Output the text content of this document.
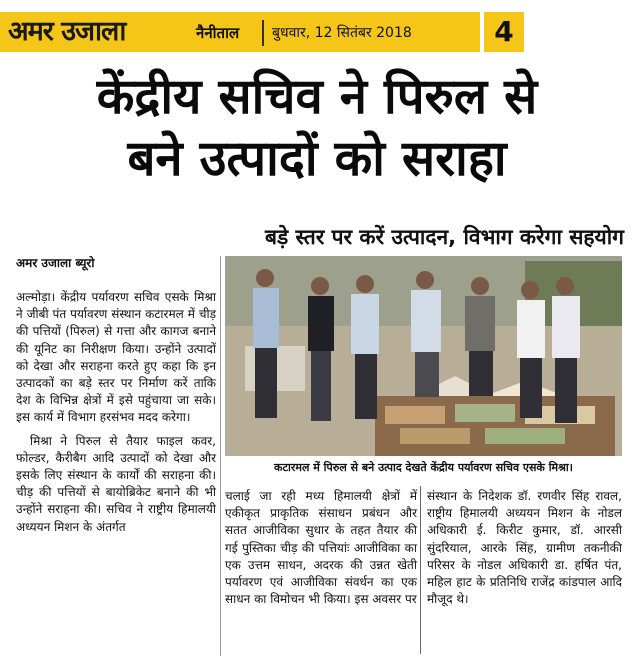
अमर उजाला	नैनीताल बुधवार, 12 सितंबर 2018	4
केंद्रीय सचिव ने पिरुल से
बने उत्पादों को सराहा
बड़े स्तर पर करें उत्पादन, विभाग करेगा सहयोग
अमर उजाला ब्यूरो

अल्मोड़ा। केंद्रीय पर्यावरण सचिव एसके मिश्रा ने जीबी पंत पर्यावरण संस्थान कटारमल में चीड़ की पत्तियों (पिरुल) से गत्ता और कागज बनाने की यूनिट का निरीक्षण किया। उन्होंने उत्पादों को देखा और सराहना करते हुए कहा कि इन उत्पादकों का बड़े स्तर पर निर्माण करें ताकि देश के विभिन्न क्षेत्रों में इसे पहुंचाया जा सके। इस कार्य में विभाग हरसंभव मदद करेगा।

मिश्रा ने पिरुल से तैयार फाइल कवर, फोल्डर, कैरीबैग आदि उत्पादों को देखा और इसके लिए संस्थान के कार्यों की सराहना की। चीड़ की पत्तियों से बायोब्रिकेट बनाने की भी उन्होंने सराहना की। सचिव ने राष्ट्रीय हिमालयी अध्ययन मिशन के अंतर्गत

कटारमल में पिरुल से बने उत्पाद देखते केंद्रीय पर्यावरण सचिव एसके मिश्रा।
चलाई जा रही मध्य हिमालयी क्षेत्रों में एकीकृत प्राकृतिक संसाधन प्रबंधन और सतत आजीविका सुधार के तहत तैयार की गई पुस्तिका चीड़ की पत्तियांः आजीविका का एक उत्तम साधन, अदरक की उन्नत खेती पर्यावरण एवं आजीविका संवर्धन का एक साधन का विमोचन भी किया। इस अवसर पर
संस्थान के निदेशक डॉ. रणवीर सिंह रावल, राष्ट्रीय हिमालयी अध्ययन मिशन के नोडल अधिकारी ई. किरीट कुमार, डॉ. आरसी सुंदरियाल, आरके सिंह, ग्रामीण तकनीकी परिसर के नोडल अधिकारी डा. हर्षित पंत, महिल हाट के प्रतिनिधि राजेंद्र कांडपाल आदि मौजूद थे।
